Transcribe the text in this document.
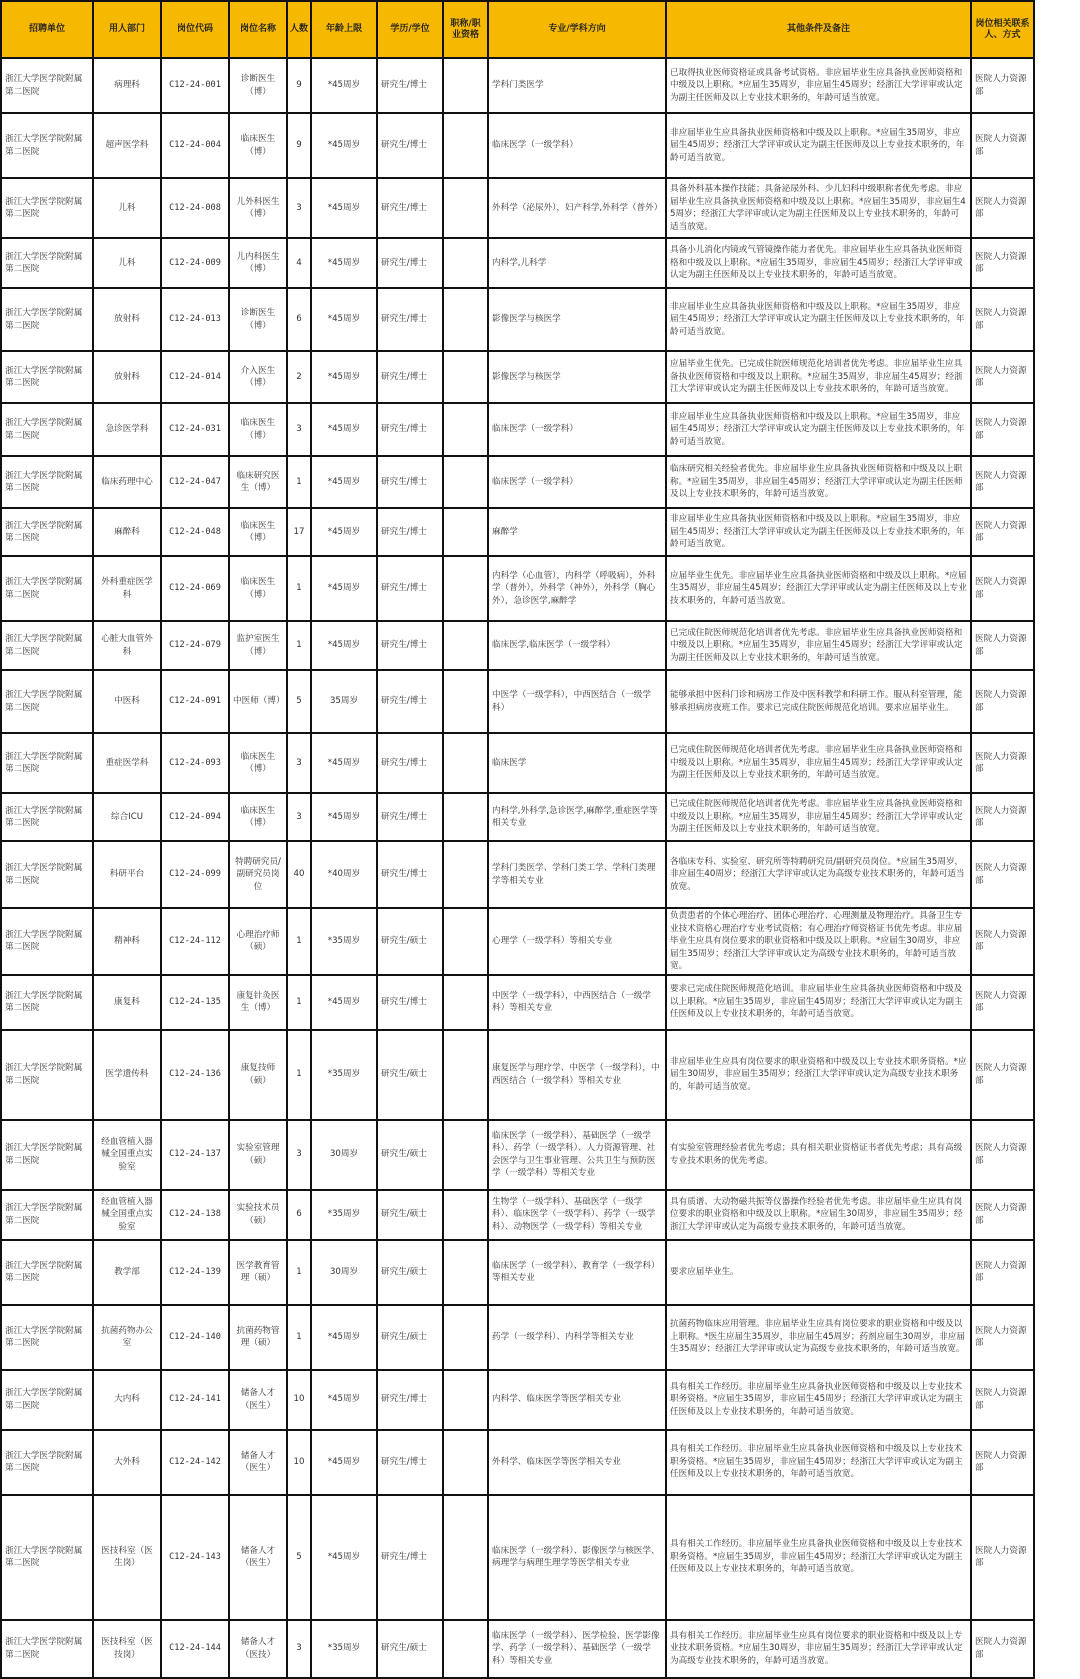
招聘单位	用人部门	岗位代码	岗位名称	人数	年龄上限	学历/学位	职称/职业资格	专业/学科方向	其他条件及备注	岗位相关联系人、方式
浙江大学医学院附属第二医院	病理科	C12-24-001	诊断医生（博）	9	*45周岁	研究生/博士		学科门类医学	已取得执业医师资格证或具备考试资格。非应届毕业生应具备执业医师资格和中级及以上职称。*应届生35周岁，非应届生45周岁；经浙江大学评审或认定为副主任医师及以上专业技术职务的，年龄可适当放宽。	医院人力资源部
浙江大学医学院附属第二医院	超声医学科	C12-24-004	临床医生（博）	9	*45周岁	研究生/博士		临床医学（一级学科）	非应届毕业生应具备执业医师资格和中级及以上职称。*应届生35周岁，非应届生45周岁；经浙江大学评审或认定为副主任医师及以上专业技术职务的，年龄可适当放宽。	医院人力资源部
浙江大学医学院附属第二医院	儿科	C12-24-008	儿外科医生（博）	3	*45周岁	研究生/博士		外科学（泌尿外），妇产科学,外科学（普外）	具备外科基本操作技能；具备泌尿外科、少儿妇科中级职称者优先考虑。非应届毕业生应具备执业医师资格和中级及以上职称。*应届生35周岁，非应届生45周岁；经浙江大学评审或认定为副主任医师及以上专业技术职务的，年龄可适当放宽。	医院人力资源部
浙江大学医学院附属第二医院	儿科	C12-24-009	儿内科医生（博）	4	*45周岁	研究生/博士		内科学,儿科学	具备小儿消化内镜或气管镜操作能力者优先。非应届毕业生应具备执业医师资格和中级及以上职称。*应届生35周岁，非应届生45周岁；经浙江大学评审或认定为副主任医师及以上专业技术职务的，年龄可适当放宽。	医院人力资源部
浙江大学医学院附属第二医院	放射科	C12-24-013	诊断医生（博）	6	*45周岁	研究生/博士		影像医学与核医学	非应届毕业生应具备执业医师资格和中级及以上职称。*应届生35周岁，非应届生45周岁；经浙江大学评审或认定为副主任医师及以上专业技术职务的，年龄可适当放宽。	医院人力资源部
浙江大学医学院附属第二医院	放射科	C12-24-014	介入医生（博）	2	*45周岁	研究生/博士		影像医学与核医学	应届毕业生优先。已完成住院医师规范化培训者优先考虑。非应届毕业生应具备执业医师资格和中级及以上职称。*应届生35周岁，非应届生45周岁；经浙江大学评审或认定为副主任医师及以上专业技术职务的，年龄可适当放宽。	医院人力资源部
浙江大学医学院附属第二医院	急诊医学科	C12-24-031	临床医生（博）	3	*45周岁	研究生/博士		临床医学（一级学科）	非应届毕业生应具备执业医师资格和中级及以上职称。*应届生35周岁，非应届生45周岁；经浙江大学评审或认定为副主任医师及以上专业技术职务的，年龄可适当放宽。	医院人力资源部
浙江大学医学院附属第二医院	临床药理中心	C12-24-047	临床研究医生（博）	1	*45周岁	研究生/博士		临床医学（一级学科）	临床研究相关经验者优先。非应届毕业生应具备执业医师资格和中级及以上职称。*应届生35周岁，非应届生45周岁；经浙江大学评审或认定为副主任医师及以上专业技术职务的，年龄可适当放宽。	医院人力资源部
浙江大学医学院附属第二医院	麻醉科	C12-24-048	临床医生（博）	17	*45周岁	研究生/博士		麻醉学	非应届毕业生应具备执业医师资格和中级及以上职称。*应届生35周岁，非应届生45周岁；经浙江大学评审或认定为副主任医师及以上专业技术职务的，年龄可适当放宽。	医院人力资源部
浙江大学医学院附属第二医院	外科重症医学科	C12-24-069	临床医生（博）	1	*45周岁	研究生/博士		内科学（心血管），内科学（呼吸病），外科学（普外），外科学（神外），外科学（胸心外），急诊医学,麻醉学	应届毕业生优先。非应届毕业生应具备执业医师资格和中级及以上职称。*应届生35周岁，非应届生45周岁；经浙江大学评审或认定为副主任医师及以上专业技术职务的，年龄可适当放宽。	医院人力资源部
浙江大学医学院附属第二医院	心脏大血管外科	C12-24-079	监护室医生（博）	1	*45周岁	研究生/博士		临床医学,临床医学（一级学科）	已完成住院医师规范化培训者优先考虑。非应届毕业生应具备执业医师资格和中级及以上职称。*应届生35周岁，非应届生45周岁；经浙江大学评审或认定为副主任医师及以上专业技术职务的，年龄可适当放宽。	医院人力资源部
浙江大学医学院附属第二医院	中医科	C12-24-091	中医师（博）	5	35周岁	研究生/博士		中医学（一级学科），中西医结合（一级学科）	能够承担中医科门诊和病房工作及中医科教学和科研工作。服从科室管理，能够承担病房夜班工作。要求已完成住院医师规范化培训。要求应届毕业生。	医院人力资源部
浙江大学医学院附属第二医院	重症医学科	C12-24-093	临床医生（博）	3	*45周岁	研究生/博士		临床医学	已完成住院医师规范化培训者优先考虑。非应届毕业生应具备执业医师资格和中级及以上职称。*应届生35周岁，非应届生45周岁；经浙江大学评审或认定为副主任医师及以上专业技术职务的，年龄可适当放宽。	医院人力资源部
浙江大学医学院附属第二医院	综合ICU	C12-24-094	临床医生（博）	3	*45周岁	研究生/博士		内科学,外科学,急诊医学,麻醉学,重症医学等相关专业	已完成住院医师规范化培训者优先考虑。非应届毕业生应具备执业医师资格和中级及以上职称。*应届生35周岁，非应届生45周岁；经浙江大学评审或认定为副主任医师及以上专业技术职务的，年龄可适当放宽。	医院人力资源部
浙江大学医学院附属第二医院	科研平台	C12-24-099	特聘研究员/副研究员岗位	40	*40周岁	研究生/博士		学科门类医学、学科门类工学、学科门类理学等相关专业	各临床专科、实验室、研究所等特聘研究员/副研究员岗位。*应届生35周岁，非应届生40周岁；经浙江大学评审或认定为高级专业技术职务的，年龄可适当放宽。	医院人力资源部
浙江大学医学院附属第二医院	精神科	C12-24-112	心理治疗师（硕）	1	*35周岁	研究生/硕士		心理学（一级学科）等相关专业	负责患者的个体心理治疗、团体心理治疗、心理测量及物理治疗。具备卫生专业技术资格心理治疗专业考试资格；有心理治疗师资格证书优先考虑。非应届毕业生应具有岗位要求的职业资格和中级及以上职称。*应届生30周岁，非应届生35周岁；经浙江大学评审或认定为高级专业技术职务的，年龄可适当放宽。	医院人力资源部
浙江大学医学院附属第二医院	康复科	C12-24-135	康复针灸医生（博）	1	*45周岁	研究生/博士		中医学（一级学科），中西医结合（一级学科）等相关专业	要求已完成住院医师规范化培训。非应届毕业生应具备执业医师资格和中级及以上职称。*应届生35周岁，非应届生45周岁；经浙江大学评审或认定为副主任医师及以上专业技术职务的，年龄可适当放宽。	医院人力资源部
浙江大学医学院附属第二医院	医学遗传科	C12-24-136	康复技师（硕）	1	*35周岁	研究生/硕士		康复医学与理疗学、中医学（一级学科），中西医结合（一级学科）等相关专业	非应届毕业生应具有岗位要求的职业资格和中级及以上专业技术职务资格。*应届生30周岁，非应届生35周岁；经浙江大学评审或认定为高级专业技术职务的，年龄可适当放宽。	医院人力资源部
浙江大学医学院附属第二医院	经血管植入器械全国重点实验室	C12-24-137	实验室管理（硕）	3	30周岁	研究生/硕士		临床医学（一级学科）、基础医学（一级学科）、药学（一级学科）、人力资源管理、社会医学与卫生事业管理、公共卫生与预防医学（一级学科）等相关专业	有实验室管理经验者优先考虑；具有相关职业资格证书者优先考虑；具有高级专业技术职务的优先考虑。	医院人力资源部
浙江大学医学院附属第二医院	经血管植入器械全国重点实验室	C12-24-138	实验技术员（硕）	6	*35周岁	研究生/硕士		生物学（一级学科）、基础医学（一级学科）、临床医学（一级学科）、药学（一级学科）、动物医学（一级学科）等相关专业	具有质谱、大动物磁共振等仪器操作经验者优先考虑。非应届毕业生应具有岗位要求的职业资格和中级及以上职称。*应届生30周岁，非应届生35周岁；经浙江大学评审或认定为高级专业技术职务的，年龄可适当放宽。	医院人力资源部
浙江大学医学院附属第二医院	教学部	C12-24-139	医学教育管理（硕）	1	30周岁	研究生/硕士		临床医学（一级学科）、教育学（一级学科）等相关专业	要求应届毕业生。	医院人力资源部
浙江大学医学院附属第二医院	抗菌药物办公室	C12-24-140	抗菌药物管理（硕）	1	*45周岁	研究生/硕士		药学（一级学科）、内科学等相关专业	抗菌药物临床应用管理。非应届毕业生应具有岗位要求的职业资格和中级及以上职称。*医生应届生35周岁，非应届生45周岁；药剂应届生30周岁，非应届生35周岁；经浙江大学评审或认定为高级专业技术职务的，年龄可适当放宽。	医院人力资源部
浙江大学医学院附属第二医院	大内科	C12-24-141	储备人才（医生）	10	*45周岁	研究生/博士		内科学、临床医学等医学相关专业	具有相关工作经历。非应届毕业生应具备执业医师资格和中级及以上专业技术职务资格。*应届生35周岁，非应届生45周岁；经浙江大学评审或认定为副主任医师及以上专业技术职务的，年龄可适当放宽。	医院人力资源部
浙江大学医学院附属第二医院	大外科	C12-24-142	储备人才（医生）	10	*45周岁	研究生/博士		外科学、临床医学等医学相关专业	具有相关工作经历。非应届毕业生应具备执业医师资格和中级及以上专业技术职务资格。*应届生35周岁，非应届生45周岁；经浙江大学评审或认定为副主任医师及以上专业技术职务的，年龄可适当放宽。	医院人力资源部
浙江大学医学院附属第二医院	医技科室（医生岗）	C12-24-143	储备人才（医生）	5	*45周岁	研究生/博士		临床医学（一级学科）、影像医学与核医学、病理学与病理生理学等医学相关专业	具有相关工作经历。非应届毕业生应具备执业医师资格和中级及以上专业技术职务资格。*应届生35周岁，非应届生45周岁；经浙江大学评审或认定为副主任医师及以上专业技术职务的，年龄可适当放宽。	医院人力资源部
浙江大学医学院附属第二医院	医技科室（医技岗）	C12-24-144	储备人才（医技）	3	*35周岁	研究生/硕士		临床医学（一级学科）、医学检验、医学影像学、药学（一级学科）、基础医学（一级学科）等相关专业	具有相关工作经历。非应届毕业生应具有岗位要求的职业资格和中级及以上专业技术职务资格。*应届生30周岁，非应届生35周岁；经浙江大学评审或认定为高级专业技术职务的，年龄可适当放宽。	医院人力资源部
